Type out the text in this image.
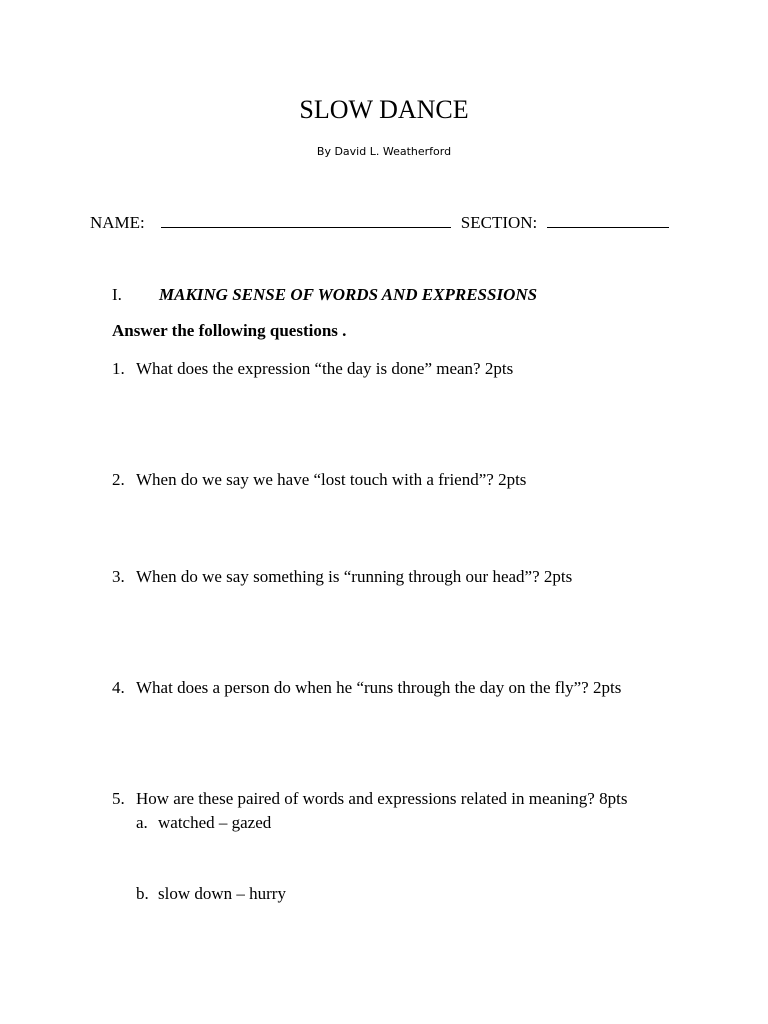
SLOW DANCE
By David L. Weatherford
NAME:	SECTION:
I. MAKING SENSE OF WORDS AND EXPRESSIONS
Answer the following questions .
1. What does the expression “the day is done” mean? 2pts
2. When do we say we have “lost touch with a friend”? 2pts
3. When do we say something is “running through our head”? 2pts
4. What does a person do when he “runs through the day on the fly”? 2pts
5. How are these paired of words and expressions related in meaning? 8pts
a. watched – gazed
b. slow down – hurry
